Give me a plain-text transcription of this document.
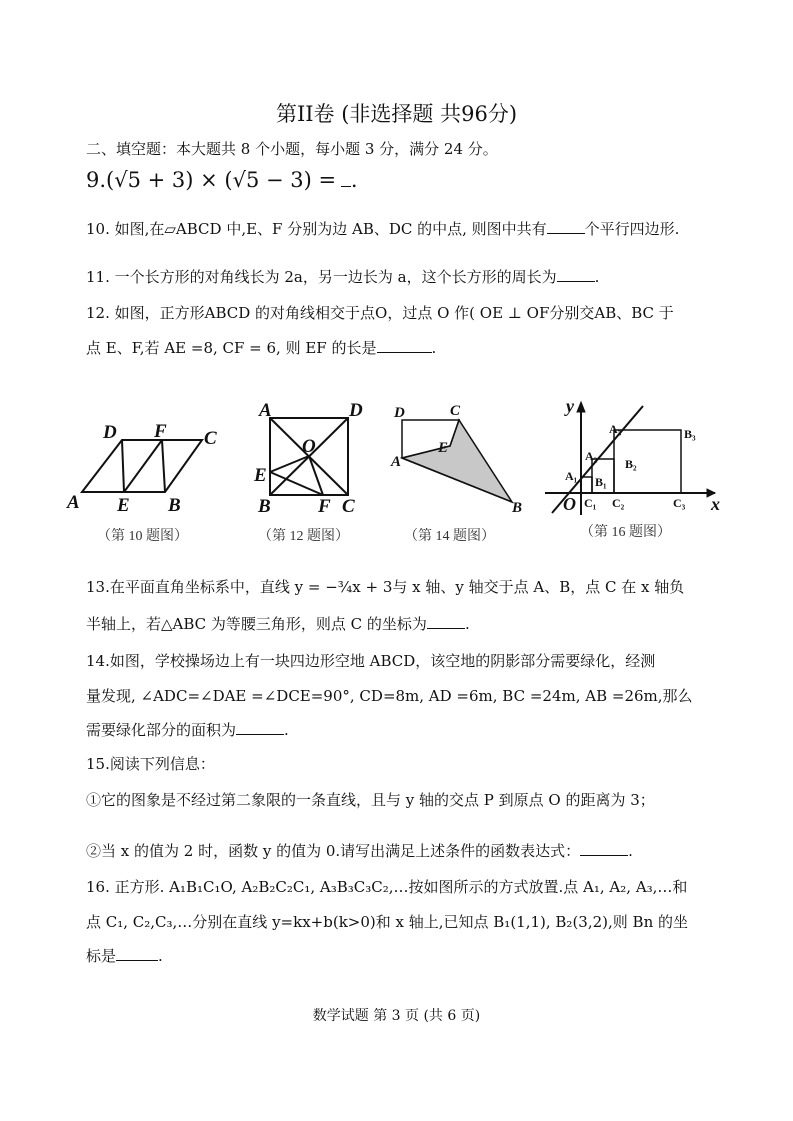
第II卷 (非选择题 共96分)
二、填空题：本大题共 8 个小题，每小题 3 分，满分 24 分。
9.(√5 + 3) × (√5 − 3) = .
10. 如图,在▱ABCD 中,E、F 分别为边 AB、DC 的中点, 则图中共有	个平行四边形.
11. 一个长方形的对角线长为 2a，另一边长为 a，这个长方形的周长为	.
12. 如图，正方形ABCD 的对角线相交于点O，过点 O 作( OE ⊥ OF分别交AB、BC 于
点 E、F,若 AE =8, CF = 6, 则 EF 的长是	.
D F C
A E B
（第 10 题图）
A	D
O
E
B F C
（第 12 题图）
D	C
E
A
B
（第 14 题图）
y
x
O
A₁
A₂
A₃
B₁
B₂
B₃
C₁ C₂	C₃
（第 16 题图）
13.在平面直角坐标系中，直线 y = −¾x + 3与 x 轴、y 轴交于点 A、B，点 C 在 x 轴负
半轴上，若△ABC 为等腰三角形，则点 C 的坐标为	.
14.如图，学校操场边上有一块四边形空地 ABCD，该空地的阴影部分需要绿化，经测
量发现, ∠ADC=∠DAE =∠DCE=90°, CD=8m, AD =6m, BC =24m, AB =26m,那么
需要绿化部分的面积为	.
15.阅读下列信息：
①它的图象是不经过第二象限的一条直线，且与 y 轴的交点 P 到原点 O 的距离为 3；
②当 x 的值为 2 时，函数 y 的值为 0.请写出满足上述条件的函数表达式：	.
16. 正方形. A₁B₁C₁O, A₂B₂C₂C₁, A₃B₃C₃C₂,…按如图所示的方式放置.点 A₁, A₂, A₃,…和
点 C₁, C₂,C₃,…分别在直线 y=kx+b(k>0)和 x 轴上,已知点 B₁(1,1), B₂(3,2),则 Bn 的坐
标是	.
数学试题 第 3 页 (共 6 页)
